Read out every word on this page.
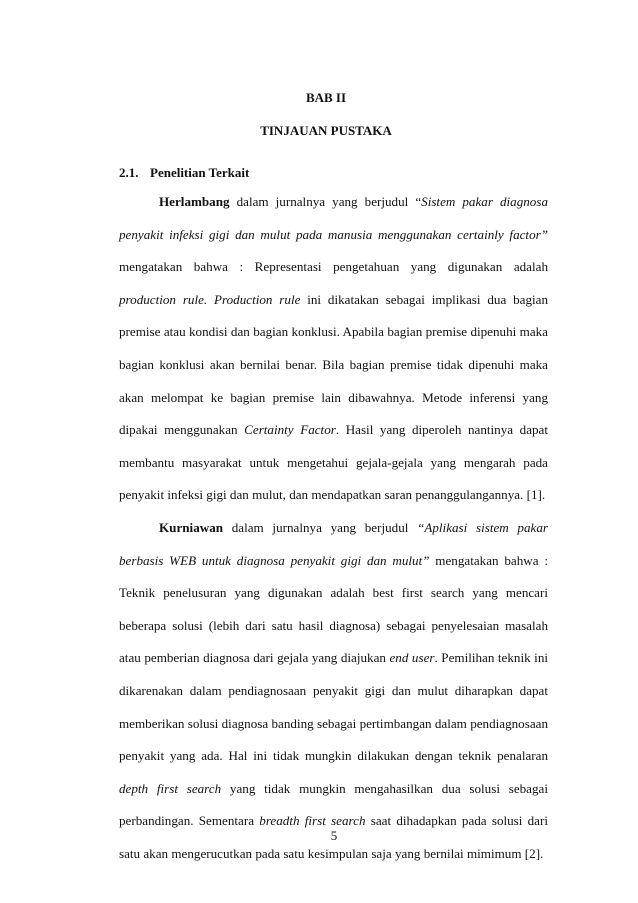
BAB II
TINJAUAN PUSTAKA
2.1. Penelitian Terkait

Herlambang dalam jurnalnya yang berjudul “Sistem pakar diagnosa penyakit infeksi gigi dan mulut pada manusia menggunakan certainly factor” mengatakan bahwa : Representasi pengetahuan yang digunakan adalah production rule. Production rule ini dikatakan sebagai implikasi dua bagian premise atau kondisi dan bagian konklusi. Apabila bagian premise dipenuhi maka bagian konklusi akan bernilai benar. Bila bagian premise tidak dipenuhi maka akan melompat ke bagian premise lain dibawahnya. Metode inferensi yang dipakai menggunakan Certainty Factor. Hasil yang diperoleh nantinya dapat membantu masyarakat untuk mengetahui gejala-gejala yang mengarah pada penyakit infeksi gigi dan mulut, dan mendapatkan saran penanggulangannya. [1].

Kurniawan dalam jurnalnya yang berjudul “Aplikasi sistem pakar berbasis WEB untuk diagnosa penyakit gigi dan mulut” mengatakan bahwa : Teknik penelusuran yang digunakan adalah best first search yang mencari beberapa solusi (lebih dari satu hasil diagnosa) sebagai penyelesaian masalah atau pemberian diagnosa dari gejala yang diajukan end user. Pemilihan teknik ini dikarenakan dalam pendiagnosaan penyakit gigi dan mulut diharapkan dapat memberikan solusi diagnosa banding sebagai pertimbangan dalam pendiagnosaan penyakit yang ada. Hal ini tidak mungkin dilakukan dengan teknik penalaran depth first search yang tidak mungkin mengahasilkan dua solusi sebagai perbandingan. Sementara breadth first search saat dihadapkan pada solusi dari satu akan mengerucutkan pada satu kesimpulan saja yang bernilai mimimum [2].

5
